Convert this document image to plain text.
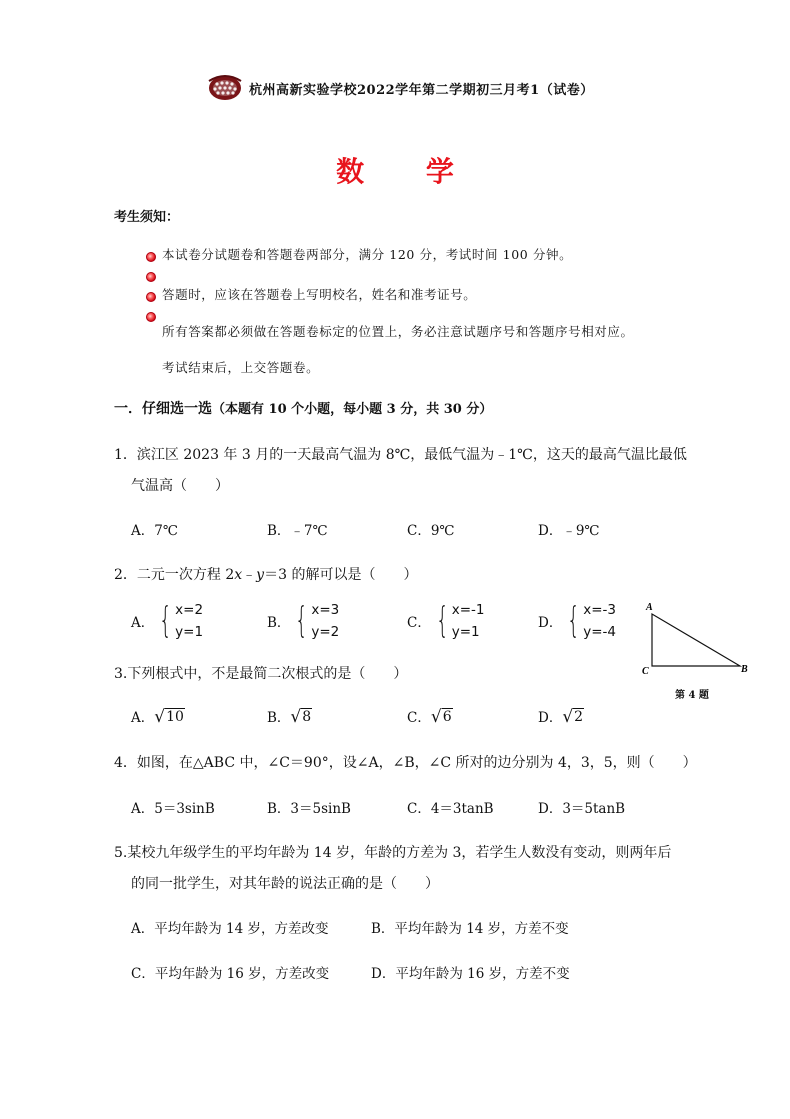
杭州高新实验学校2022学年第二学期初三月考1（试卷）
数 学
考生须知：
本试卷分试题卷和答题卷两部分，满分 120 分，考试时间 100 分钟。
答题时，应该在答题卷上写明校名，姓名和准考证号。
所有答案都必须做在答题卷标定的位置上，务必注意试题序号和答题序号相对应。
考试结束后，上交答题卷。
一．仔细选一选（本题有 10 个小题，每小题 3 分，共 30 分）
1．滨江区 2023 年 3 月的一天最高气温为 8℃，最低气温为﹣1℃，这天的最高气温比最低
气温高（　　）
A．7℃	B．﹣7℃	C．9℃	D．﹣9℃
2．二元一次方程 2x﹣y＝3 的解可以是（　　）
A． { x=2
y=1
B． { x=3
y=2
C． { x=-1
y=1
D． { x=-3
y=-4
A
C	B
第 4 题
3.下列根式中，不是最简二次根式的是（　　）
A． √ 10	B． √ 8	C． √ 6	D． √ 2
4．如图，在△ABC 中，∠C＝90°，设∠A，∠B，∠C 所对的边分别为 4，3，5，则（　　）
A．5＝3sinB	B．3＝5sinB	C．4＝3tanB	D．3＝5tanB
5.某校九年级学生的平均年龄为 14 岁，年龄的方差为 3，若学生人数没有变动，则两年后
的同一批学生，对其年龄的说法正确的是（　　）
A．平均年龄为 14 岁，方差改变	B．平均年龄为 14 岁，方差不变
C．平均年龄为 16 岁，方差改变	D．平均年龄为 16 岁，方差不变
